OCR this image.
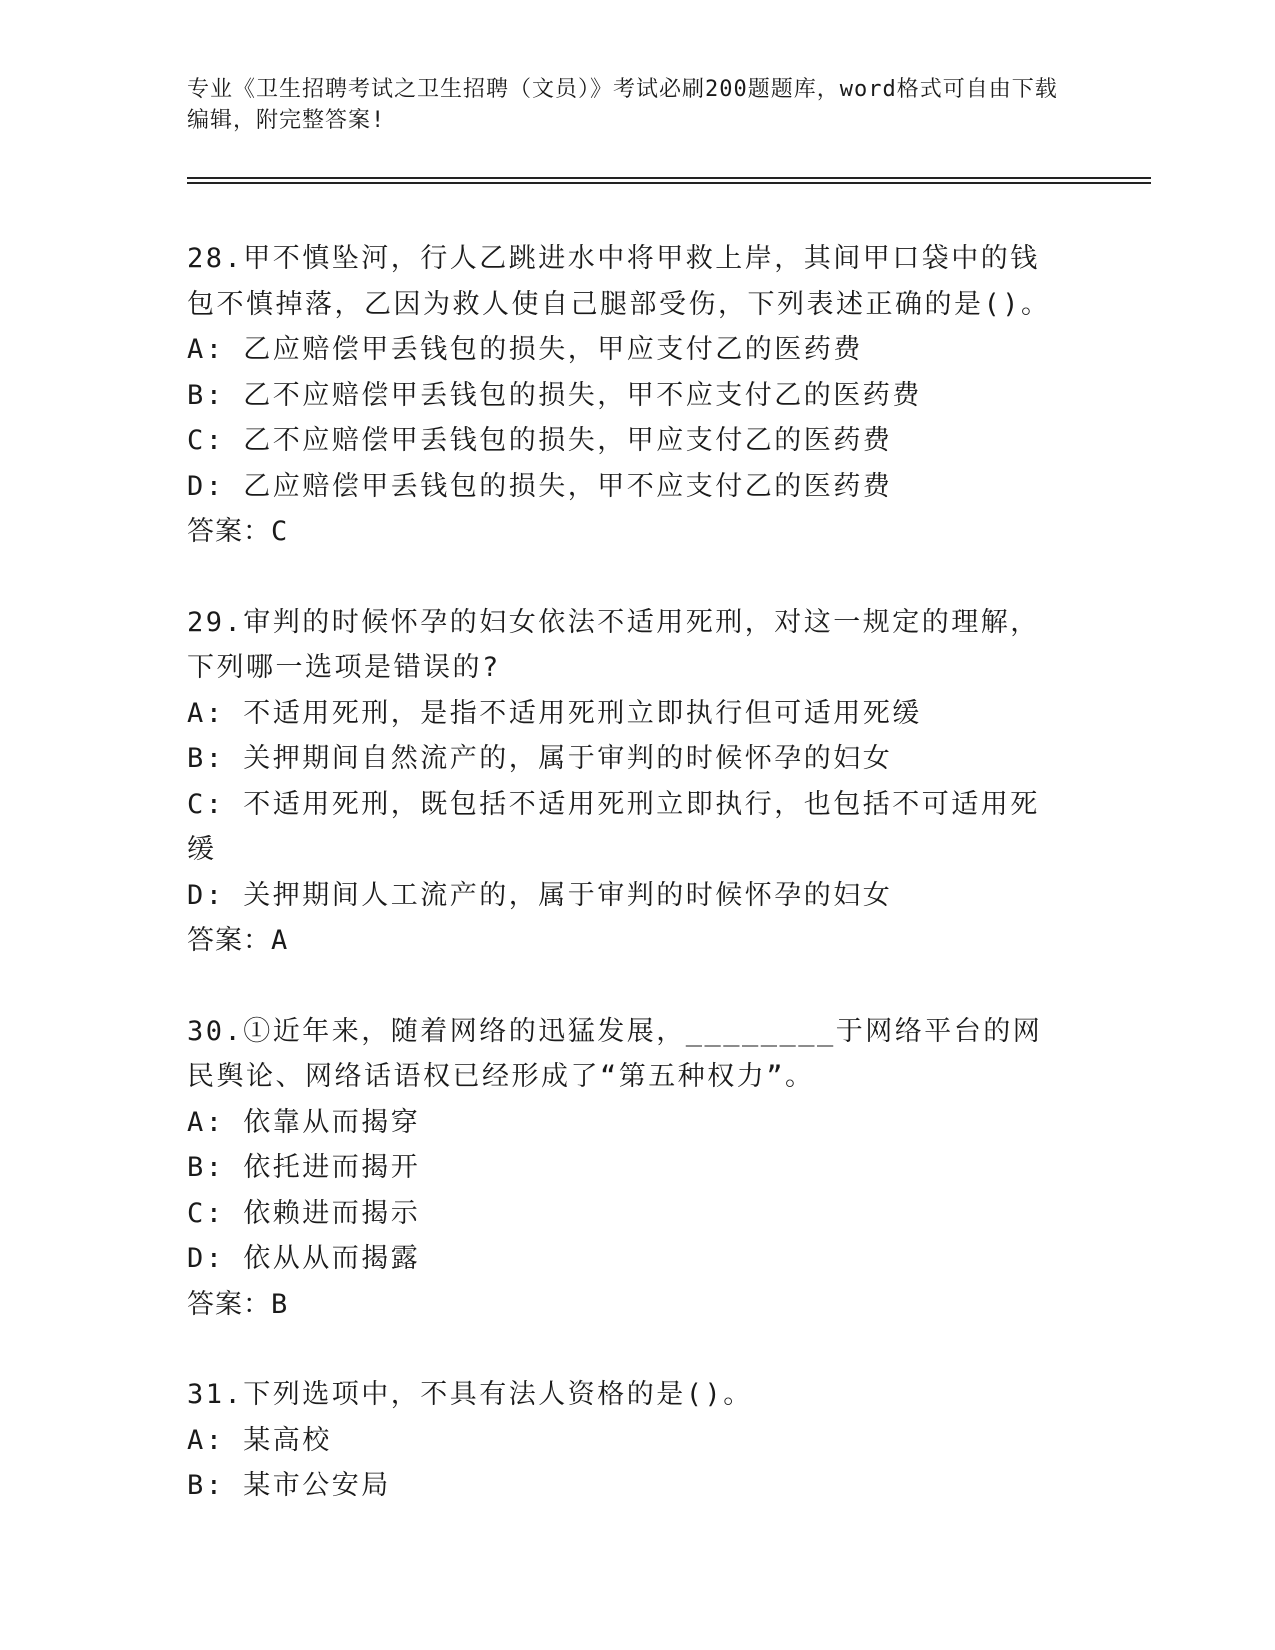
专业《卫生招聘考试之卫生招聘（文员）》考试必刷200题题库，word格式可自由下载编辑，附完整答案!
28.甲不慎坠河，行人乙跳进水中将甲救上岸，其间甲口袋中的钱包不慎掉落，乙因为救人使自己腿部受伤，下列表述正确的是()。
A: 乙应赔偿甲丢钱包的损失，甲应支付乙的医药费
B: 乙不应赔偿甲丢钱包的损失，甲不应支付乙的医药费
C: 乙不应赔偿甲丢钱包的损失，甲应支付乙的医药费
D: 乙应赔偿甲丢钱包的损失，甲不应支付乙的医药费
答案：C
29.审判的时候怀孕的妇女依法不适用死刑，对这一规定的理解，下列哪一选项是错误的?
A: 不适用死刑，是指不适用死刑立即执行但可适用死缓
B: 关押期间自然流产的，属于审判的时候怀孕的妇女
C: 不适用死刑，既包括不适用死刑立即执行，也包括不可适用死缓
D: 关押期间人工流产的，属于审判的时候怀孕的妇女
答案：A
30.①近年来，随着网络的迅猛发展，________于网络平台的网民舆论、网络话语权已经形成了“第五种权力”。
A: 依靠从而揭穿
B: 依托进而揭开
C: 依赖进而揭示
D: 依从从而揭露
答案：B
31.下列选项中，不具有法人资格的是()。
A: 某高校
B: 某市公安局
